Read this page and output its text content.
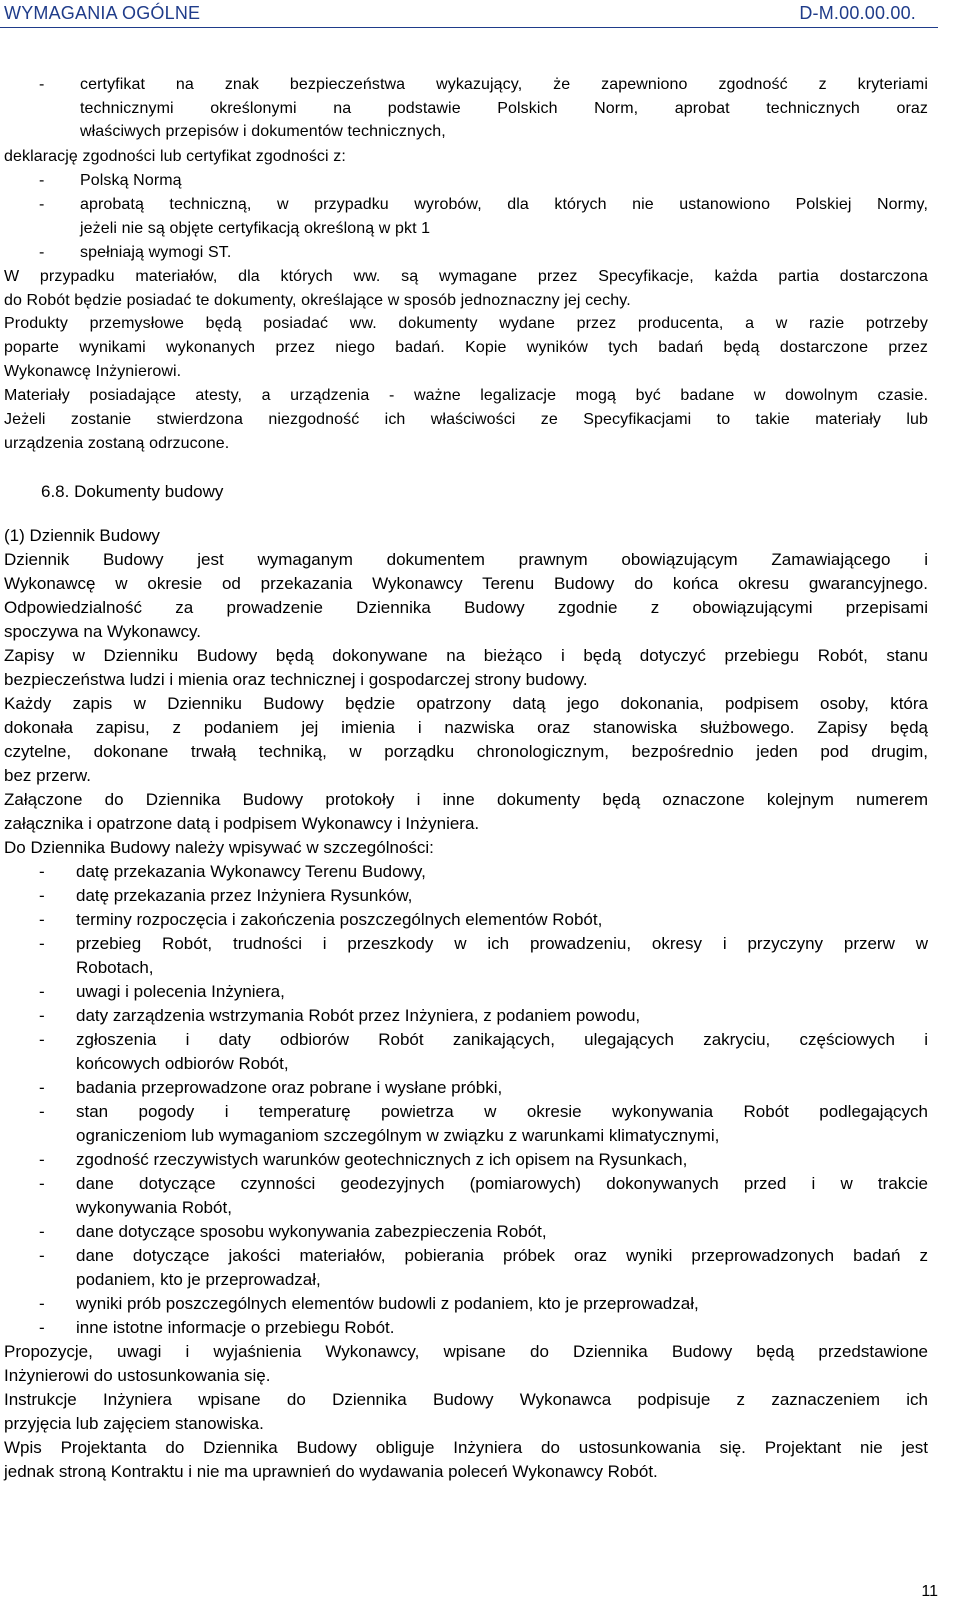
WYMAGANIA OGÓLNE	D-M.00.00.00.
- certyfikat na znak bezpieczeństwa wykazujący, że zapewniono zgodność z kryteriami
technicznymi określonymi na podstawie Polskich Norm, aprobat technicznych oraz
właściwych przepisów i dokumentów technicznych,
deklarację zgodności lub certyfikat zgodności z:
- Polską Normą
- aprobatą techniczną, w przypadku wyrobów, dla których nie ustanowiono Polskiej Normy,
jeżeli nie są objęte certyfikacją określoną w pkt 1
- spełniają wymogi ST.
W przypadku materiałów, dla których ww. są wymagane przez Specyfikacje, każda partia dostarczona
do Robót będzie posiadać te dokumenty, określające w sposób jednoznaczny jej cechy.
Produkty przemysłowe będą posiadać ww. dokumenty wydane przez producenta, a w razie potrzeby
poparte wynikami wykonanych przez niego badań. Kopie wyników tych badań będą dostarczone przez
Wykonawcę Inżynierowi.
Materiały posiadające atesty, a urządzenia - ważne legalizacje mogą być badane w dowolnym czasie.
Jeżeli zostanie stwierdzona niezgodność ich właściwości ze Specyfikacjami to takie materiały lub
urządzenia zostaną odrzucone.
6.8. Dokumenty budowy
(1) Dziennik Budowy
Dziennik Budowy jest wymaganym dokumentem prawnym obowiązującym Zamawiającego i
Wykonawcę w okresie od przekazania Wykonawcy Terenu Budowy do końca okresu gwarancyjnego.
Odpowiedzialność za prowadzenie Dziennika Budowy zgodnie z obowiązującymi przepisami
spoczywa na Wykonawcy.
Zapisy w Dzienniku Budowy będą dokonywane na bieżąco i będą dotyczyć przebiegu Robót, stanu
bezpieczeństwa ludzi i mienia oraz technicznej i gospodarczej strony budowy.
Każdy zapis w Dzienniku Budowy będzie opatrzony datą jego dokonania, podpisem osoby, która
dokonała zapisu, z podaniem jej imienia i nazwiska oraz stanowiska służbowego. Zapisy będą
czytelne, dokonane trwałą techniką, w porządku chronologicznym, bezpośrednio jeden pod drugim,
bez przerw.
Załączone do Dziennika Budowy protokoły i inne dokumenty będą oznaczone kolejnym numerem
załącznika i opatrzone datą i podpisem Wykonawcy i Inżyniera.
Do Dziennika Budowy należy wpisywać w szczególności:
- datę przekazania Wykonawcy Terenu Budowy,
- datę przekazania przez Inżyniera Rysunków,
- terminy rozpoczęcia i zakończenia poszczególnych elementów Robót,
- przebieg Robót, trudności i przeszkody w ich prowadzeniu, okresy i przyczyny przerw w
Robotach,
- uwagi i polecenia Inżyniera,
- daty zarządzenia wstrzymania Robót przez Inżyniera, z podaniem powodu,
- zgłoszenia i daty odbiorów Robót zanikających, ulegających zakryciu, częściowych i
końcowych odbiorów Robót,
- badania przeprowadzone oraz pobrane i wysłane próbki,
- stan pogody i temperaturę powietrza w okresie wykonywania Robót podlegających
ograniczeniom lub wymaganiom szczególnym w związku z warunkami klimatycznymi,
- zgodność rzeczywistych warunków geotechnicznych z ich opisem na Rysunkach,
- dane dotyczące czynności geodezyjnych (pomiarowych) dokonywanych przed i w trakcie
wykonywania Robót,
- dane dotyczące sposobu wykonywania zabezpieczenia Robót,
- dane dotyczące jakości materiałów, pobierania próbek oraz wyniki przeprowadzonych badań z
podaniem, kto je przeprowadzał,
- wyniki prób poszczególnych elementów budowli z podaniem, kto je przeprowadzał,
- inne istotne informacje o przebiegu Robót.
Propozycje, uwagi i wyjaśnienia Wykonawcy, wpisane do Dziennika Budowy będą przedstawione
Inżynierowi do ustosunkowania się.
Instrukcje Inżyniera wpisane do Dziennika Budowy Wykonawca podpisuje z zaznaczeniem ich
przyjęcia lub zajęciem stanowiska.
Wpis Projektanta do Dziennika Budowy obliguje Inżyniera do ustosunkowania się. Projektant nie jest
jednak stroną Kontraktu i nie ma uprawnień do wydawania poleceń Wykonawcy Robót.
11
